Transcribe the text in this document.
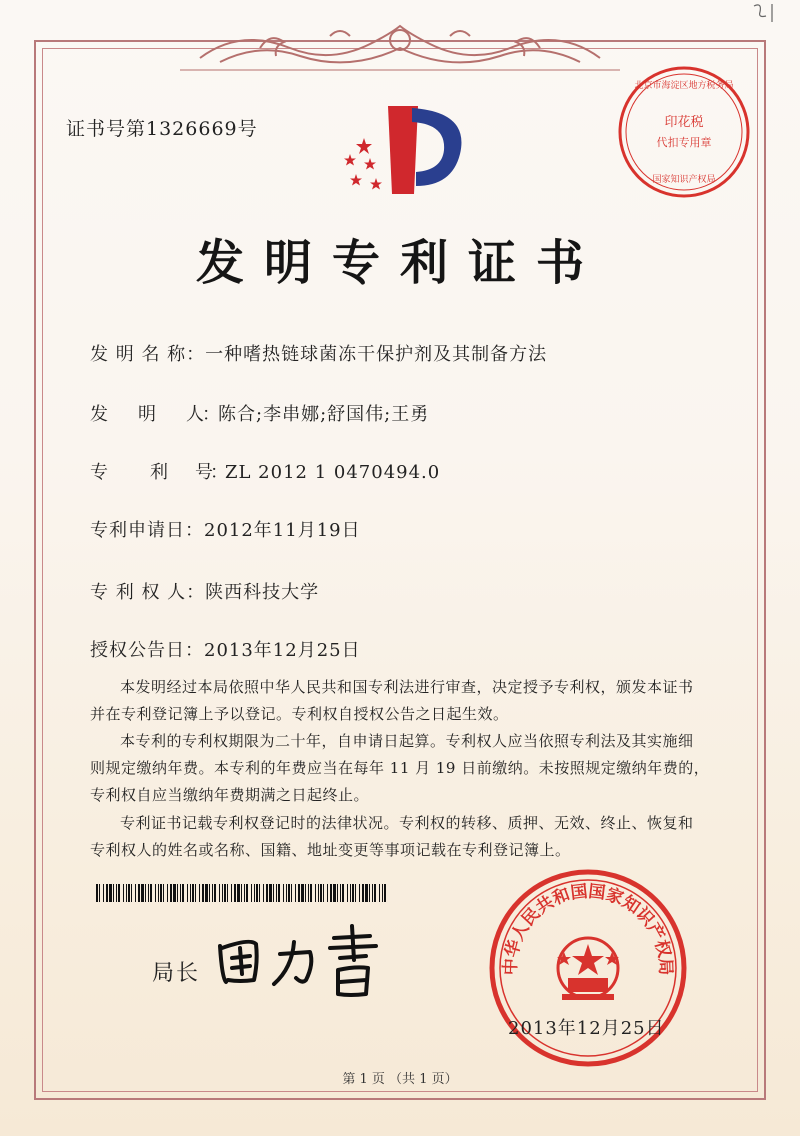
证书号第1326669号	印花税
代扣专用章
北京市海淀区地方税务局
国家知识产权局
发明专利证书
发 明 名 称：一种嗜热链球菌冻干保护剂及其制备方法
发　　明　　人：陈合;李串娜;舒国伟;王勇
专　　　利　　号：ZL 2012 1 0470494.0
专利申请日：2012年11月19日
专 利 权 人：陕西科技大学
授权公告日：2013年12月25日
本发明经过本局依照中华人民共和国专利法进行审查，决定授予专利权，颁发本证书
并在专利登记簿上予以登记。专利权自授权公告之日起生效。
本专利的专利权期限为二十年，自申请日起算。专利权人应当依照专利法及其实施细
则规定缴纳年费。本专利的年费应当在每年 11 月 19 日前缴纳。未按照规定缴纳年费的，
专利权自应当缴纳年费期满之日起终止。
专利证书记载专利权登记时的法律状况。专利权的转移、质押、无效、终止、恢复和
专利权人的姓名或名称、国籍、地址变更等事项记载在专利登记簿上。
局长	中华人民共和国国家知识产权局
2013年12月25日
第 1 页 （共 1 页）
